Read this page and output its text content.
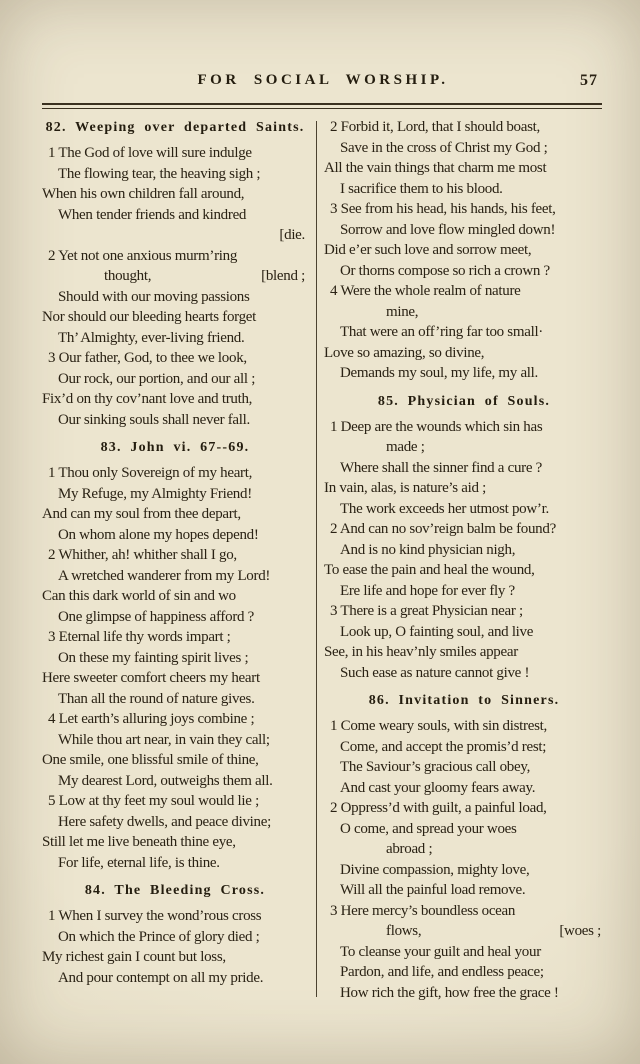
FOR SOCIAL WORSHIP.	57
82. Weeping over departed Saints.
1 The God of love will sure indulge
The flowing tear, the heaving sigh ;
When his own children fall around,
When tender friends and kindred
[die.
2 Yet not one anxious murm’ring
thought,	[blend ;
Should with our moving passions
Nor should our bleeding hearts forget
Th’ Almighty, ever-living friend.
3 Our father, God, to thee we look,
Our rock, our portion, and our all ;
Fix’d on thy cov’nant love and truth,
Our sinking souls shall never fall.
83. John vi. 67--69.
1 Thou only Sovereign of my heart,
My Refuge, my Almighty Friend!
And can my soul from thee depart,
On whom alone my hopes depend!
2 Whither, ah! whither shall I go,
A wretched wanderer from my Lord!
Can this dark world of sin and wo
One glimpse of happiness afford ?
3 Eternal life thy words impart ;
On these my fainting spirit lives ;
Here sweeter comfort cheers my heart
Than all the round of nature gives.
4 Let earth’s alluring joys combine ;
While thou art near, in vain they call;
One smile, one blissful smile of thine,
My dearest Lord, outweighs them all.
5 Low at thy feet my soul would lie ;
Here safety dwells, and peace divine;
Still let me live beneath thine eye,
For life, eternal life, is thine.
84. The Bleeding Cross.
1 When I survey the wond’rous cross
On which the Prince of glory died ;
My richest gain I count but loss,
And pour contempt on all my pride.
2 Forbid it, Lord, that I should boast,
Save in the cross of Christ my God ;
All the vain things that charm me most
I sacrifice them to his blood.
3 See from his head, his hands, his feet,
Sorrow and love flow mingled down!
Did e’er such love and sorrow meet,
Or thorns compose so rich a crown ?
4 Were the whole realm of nature
mine,
That were an off’ring far too small·
Love so amazing, so divine,
Demands my soul, my life, my all.
85. Physician of Souls.
1 Deep are the wounds which sin has
made ;
Where shall the sinner find a cure ?
In vain, alas, is nature’s aid ;
The work exceeds her utmost pow’r.
2 And can no sov’reign balm be found?
And is no kind physician nigh,
To ease the pain and heal the wound,
Ere life and hope for ever fly ?
3 There is a great Physician near ;
Look up, O fainting soul, and live
See, in his heav’nly smiles appear
Such ease as nature cannot give !
86. Invitation to Sinners.
1 Come weary souls, with sin distrest,
Come, and accept the promis’d rest;
The Saviour’s gracious call obey,
And cast your gloomy fears away.
2 Oppress’d with guilt, a painful load,
O come, and spread your woes
abroad ;
Divine compassion, mighty love,
Will all the painful load remove.
3 Here mercy’s boundless ocean
flows,	[woes ;
To cleanse your guilt and heal your
Pardon, and life, and endless peace;
How rich the gift, how free the grace !
